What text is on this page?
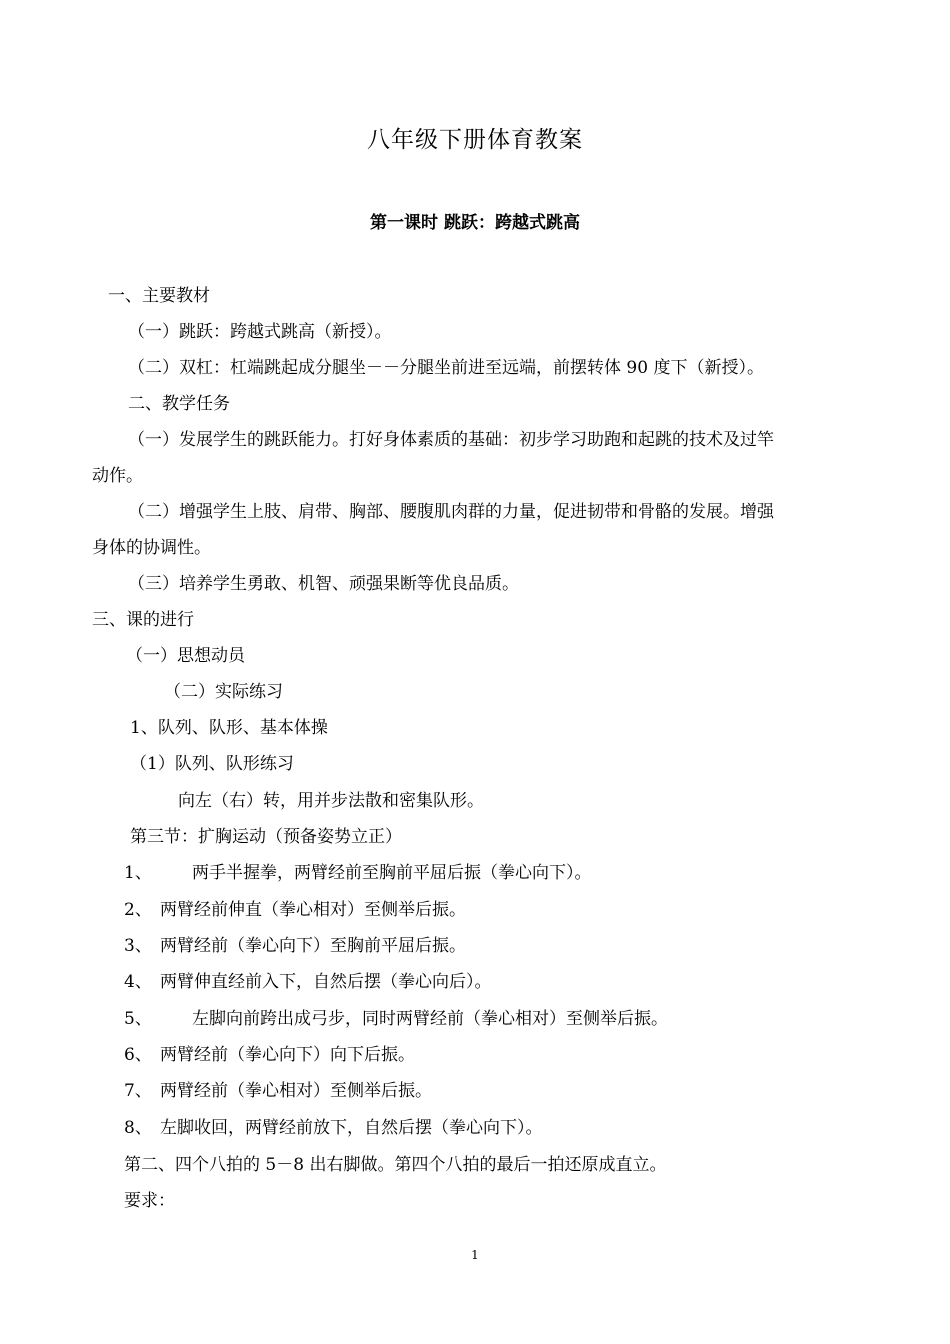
八年级下册体育教案
第一课时 跳跃：跨越式跳高
一、主要教材
（一）跳跃：跨越式跳高（新授）。
（二）双杠：杠端跳起成分腿坐－－分腿坐前进至远端，前摆转体 90 度下（新授）。
二、教学任务
（一）发展学生的跳跃能力。打好身体素质的基础：初步学习助跑和起跳的技术及过竿
动作。
（二）增强学生上肢、肩带、胸部、腰腹肌肉群的力量，促进韧带和骨骼的发展。增强
身体的协调性。
（三）培养学生勇敢、机智、顽强果断等优良品质。
三、课的进行
（一）思想动员
（二）实际练习
1、队列、队形、基本体操
（1）队列、队形练习
向左（右）转，用并步法散和密集队形。
第三节：扩胸运动（预备姿势立正）
1、 两手半握拳，两臂经前至胸前平屈后振（拳心向下）。
2、 两臂经前伸直（拳心相对）至侧举后振。
3、 两臂经前（拳心向下）至胸前平屈后振。
4、 两臂伸直经前入下，自然后摆（拳心向后）。
5、 左脚向前跨出成弓步，同时两臂经前（拳心相对）至侧举后振。
6、 两臂经前（拳心向下）向下后振。
7、 两臂经前（拳心相对）至侧举后振。
8、 左脚收回，两臂经前放下，自然后摆（拳心向下）。
第二、四个八拍的 5－8 出右脚做。第四个八拍的最后一拍还原成直立。
要求：
1
